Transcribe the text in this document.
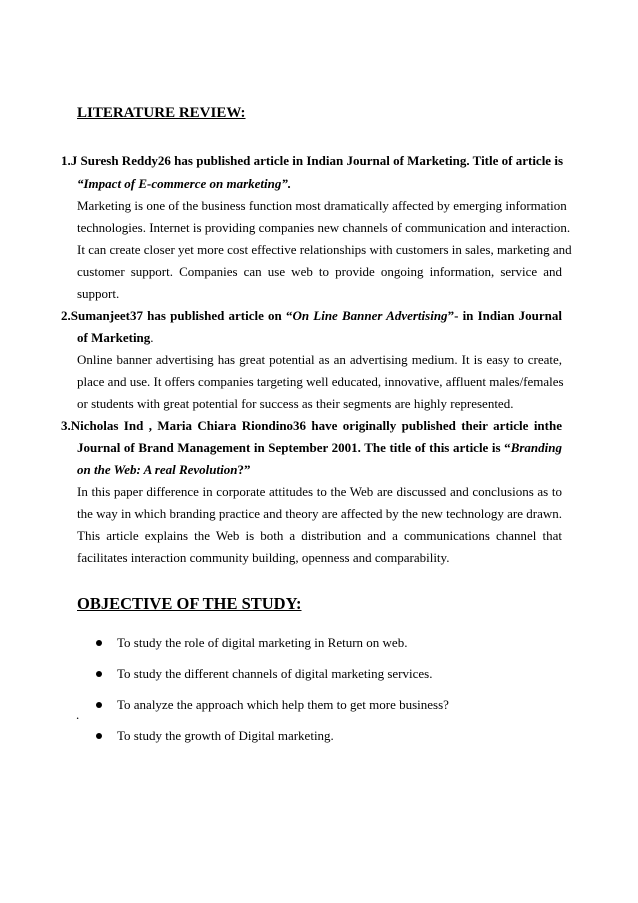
LITERATURE REVIEW:

1.J Suresh Reddy26 has published article in Indian Journal of Marketing. Title of article is

“Impact of E-commerce on marketing”.

Marketing is one of the business function most dramatically affected by emerging information

technologies. Internet is providing companies new channels of communication and interaction.

It can create closer yet more cost effective relationships with customers in sales, marketing and

customer support. Companies can use web to provide ongoing information, service and

support.

2.Sumanjeet37 has published article on “On Line Banner Advertising”- in Indian Journal

of Marketing.

Online banner advertising has great potential as an advertising medium. It is easy to create,

place and use. It offers companies targeting well educated, innovative, affluent males/females

or students with great potential for success as their segments are highly represented.

3.Nicholas Ind , Maria Chiara Riondino36 have originally published their article inthe

Journal of Brand Management in September 2001. The title of this article is “Branding

on the Web: A real Revolution?”

In this paper difference in corporate attitudes to the Web are discussed and conclusions as to

the way in which branding practice and theory are affected by the new technology are drawn.

This article explains the Web is both a distribution and a communications channel that

facilitates interaction community building, openness and comparability.

OBJECTIVE OF THE STUDY:
To study the role of digital marketing in Return on web.
To study the different channels of digital marketing services.
To analyze the approach which help them to get more business?
.
To study the growth of Digital marketing.
